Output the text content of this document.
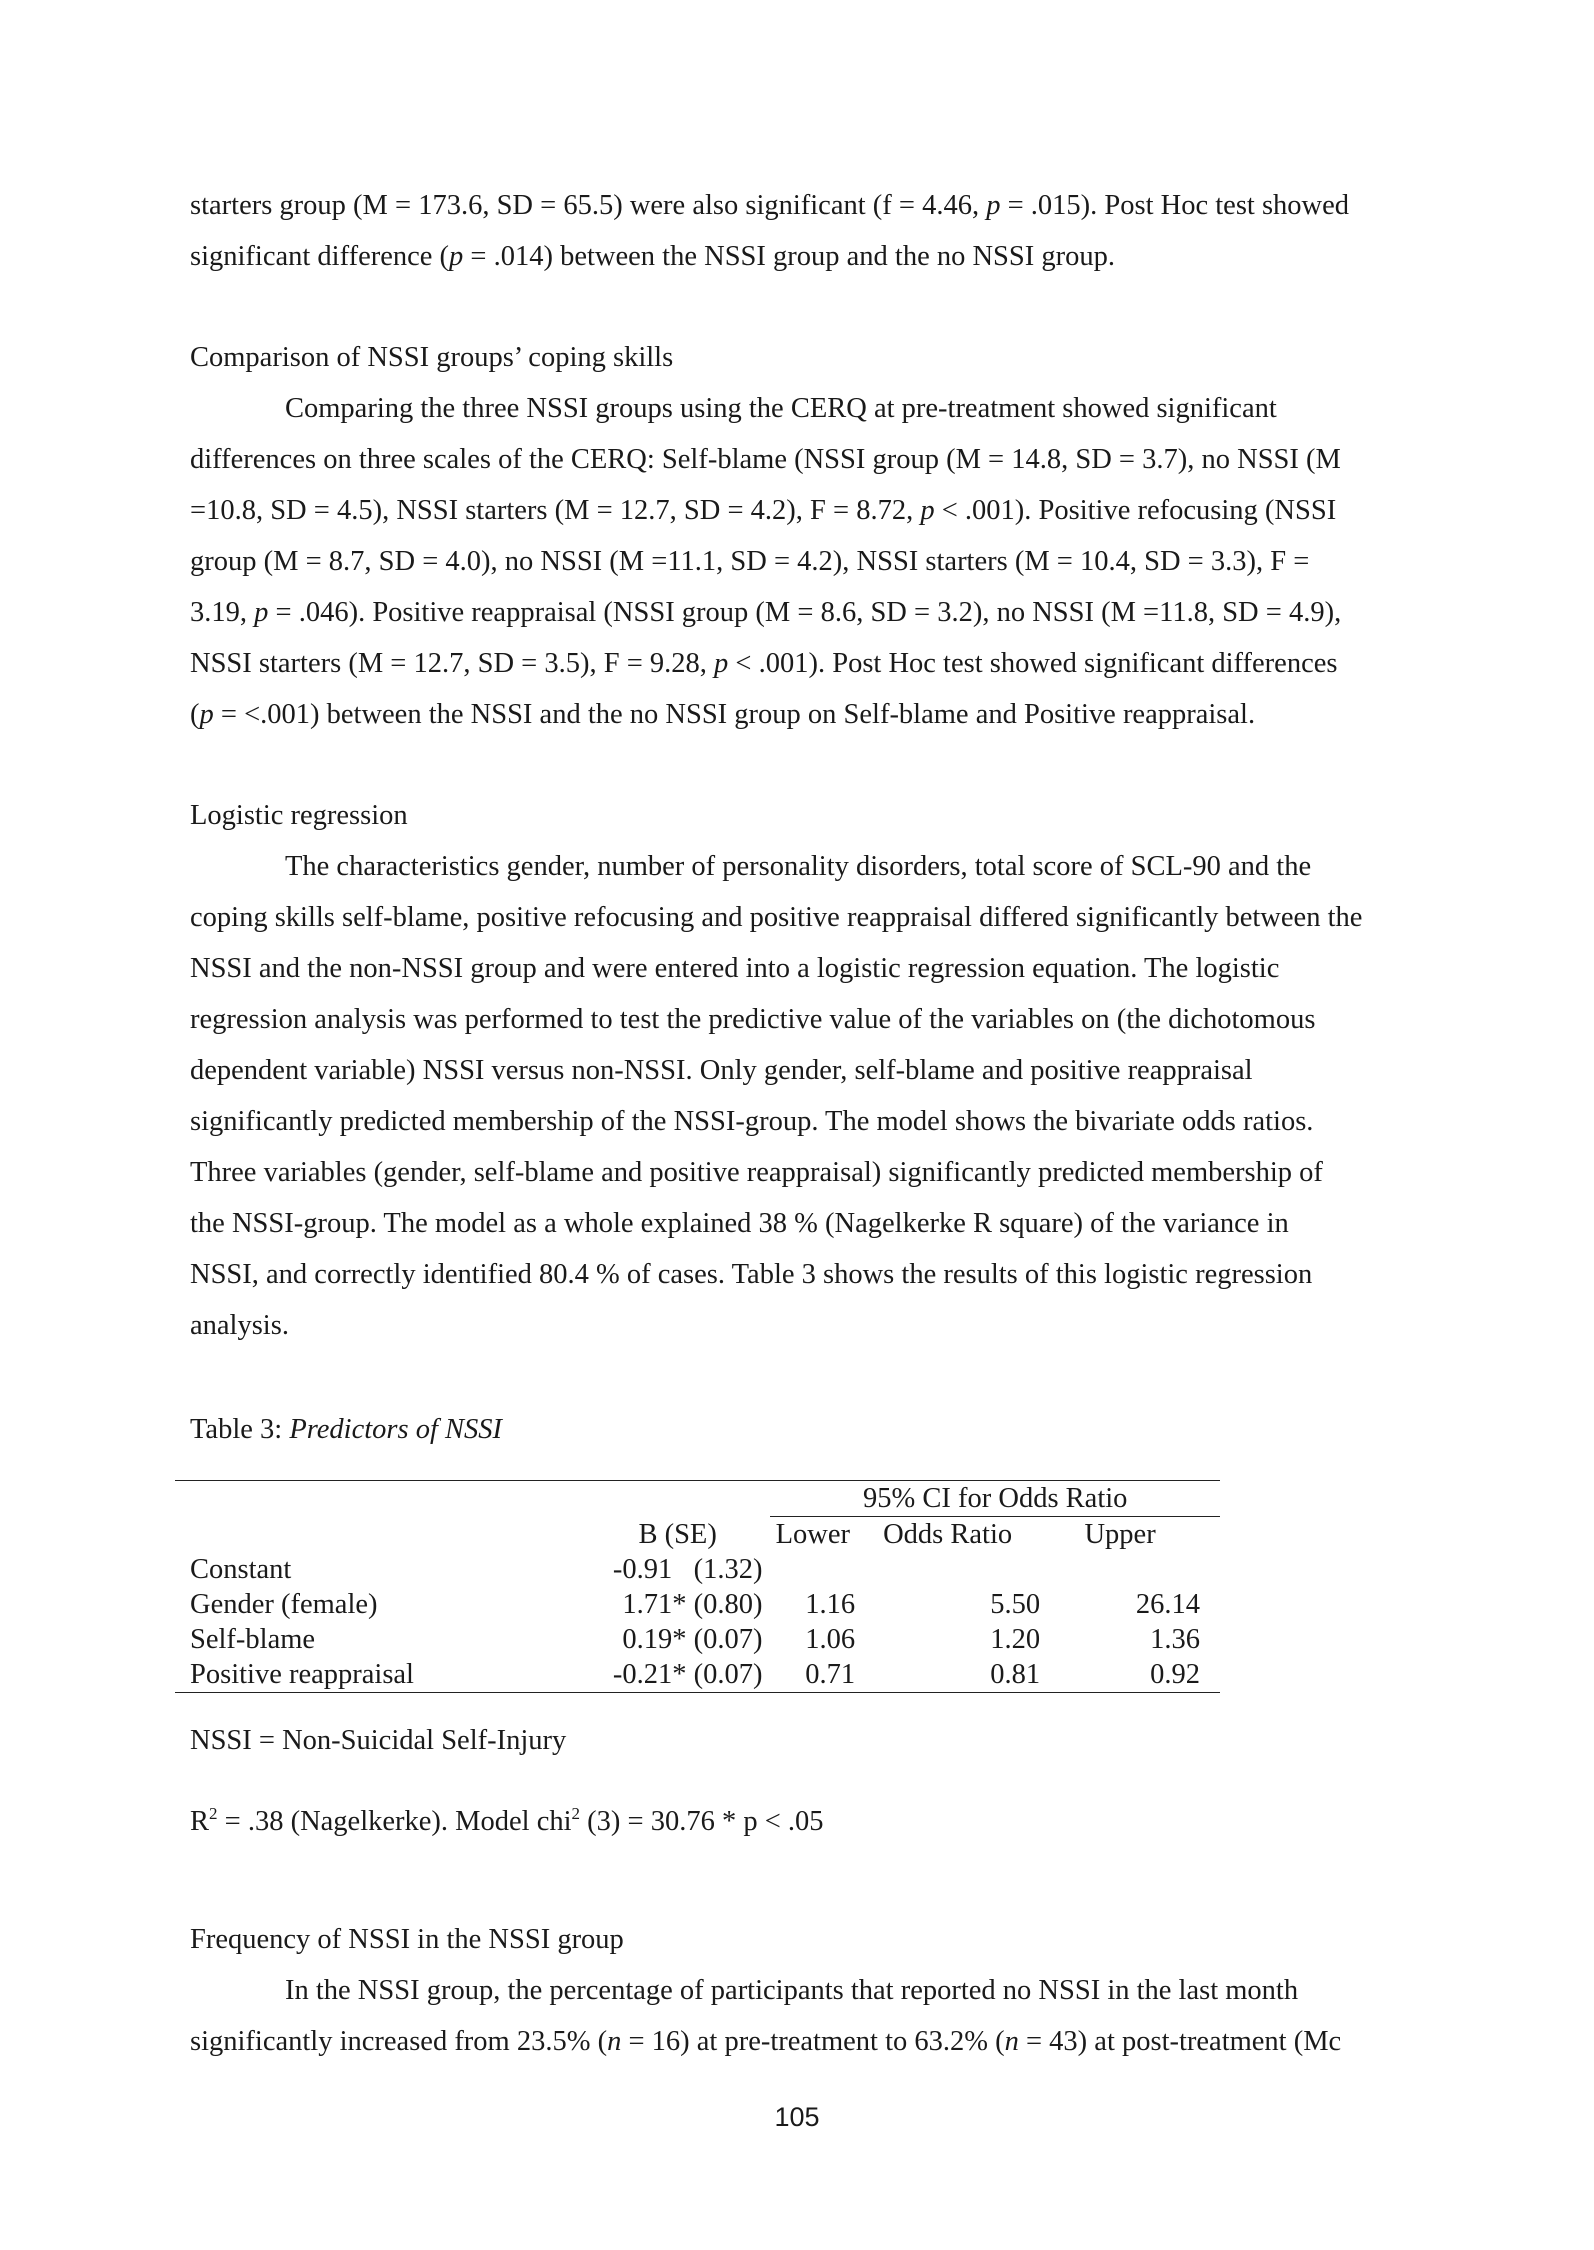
starters group (M = 173.6, SD = 65.5) were also significant (f = 4.46, p = .015). Post Hoc test showed

significant difference (p = .014) between the NSSI group and the no NSSI group.

Comparison of NSSI groups’ coping skills

Comparing the three NSSI groups using the CERQ at pre-treatment showed significant

differences on three scales of the CERQ: Self-blame (NSSI group (M = 14.8, SD = 3.7), no NSSI (M

=10.8, SD = 4.5), NSSI starters (M = 12.7, SD = 4.2), F = 8.72, p < .001). Positive refocusing (NSSI

group (M = 8.7, SD = 4.0), no NSSI (M =11.1, SD = 4.2), NSSI starters (M = 10.4, SD = 3.3), F =

3.19, p = .046). Positive reappraisal (NSSI group (M = 8.6, SD = 3.2), no NSSI (M =11.8, SD = 4.9),

NSSI starters (M = 12.7, SD = 3.5), F = 9.28, p < .001). Post Hoc test showed significant differences

(p = <.001) between the NSSI and the no NSSI group on Self-blame and Positive reappraisal.

Logistic regression

The characteristics gender, number of personality disorders, total score of SCL-90 and the

coping skills self-blame, positive refocusing and positive reappraisal differed significantly between the

NSSI and the non-NSSI group and were entered into a logistic regression equation. The logistic

regression analysis was performed to test the predictive value of the variables on (the dichotomous

dependent variable) NSSI versus non-NSSI. Only gender, self-blame and positive reappraisal

significantly predicted membership of the NSSI-group. The model shows the bivariate odds ratios.

Three variables (gender, self-blame and positive reappraisal) significantly predicted membership of

the NSSI-group. The model as a whole explained 38 % (Nagelkerke R square) of the variance in

NSSI, and correctly identified 80.4 % of cases. Table 3 shows the results of this logistic regression

analysis.

Table 3: Predictors of NSSI

		95% CI for Odds Ratio		
	B (SE)	Lower	Odds Ratio	Upper
Constant	-0.91   (1.32)			
Gender (female)	1.71* (0.80)	1.16	5.50	26.14
Self-blame	0.19* (0.07)	1.06	1.20	1.36
Positive reappraisal	-0.21* (0.07)	0.71	0.81	0.92

NSSI = Non-Suicidal Self-Injury

$R^2 = .38$ (Nagelkerke). Model chi$^2$ (3) = 30.76 * p < .05

Frequency of NSSI in the NSSI group

In the NSSI group, the percentage of participants that reported no NSSI in the last month

significantly increased from 23.5% (n = 16) at pre-treatment to 63.2% (n = 43) at post-treatment (Mc

105
